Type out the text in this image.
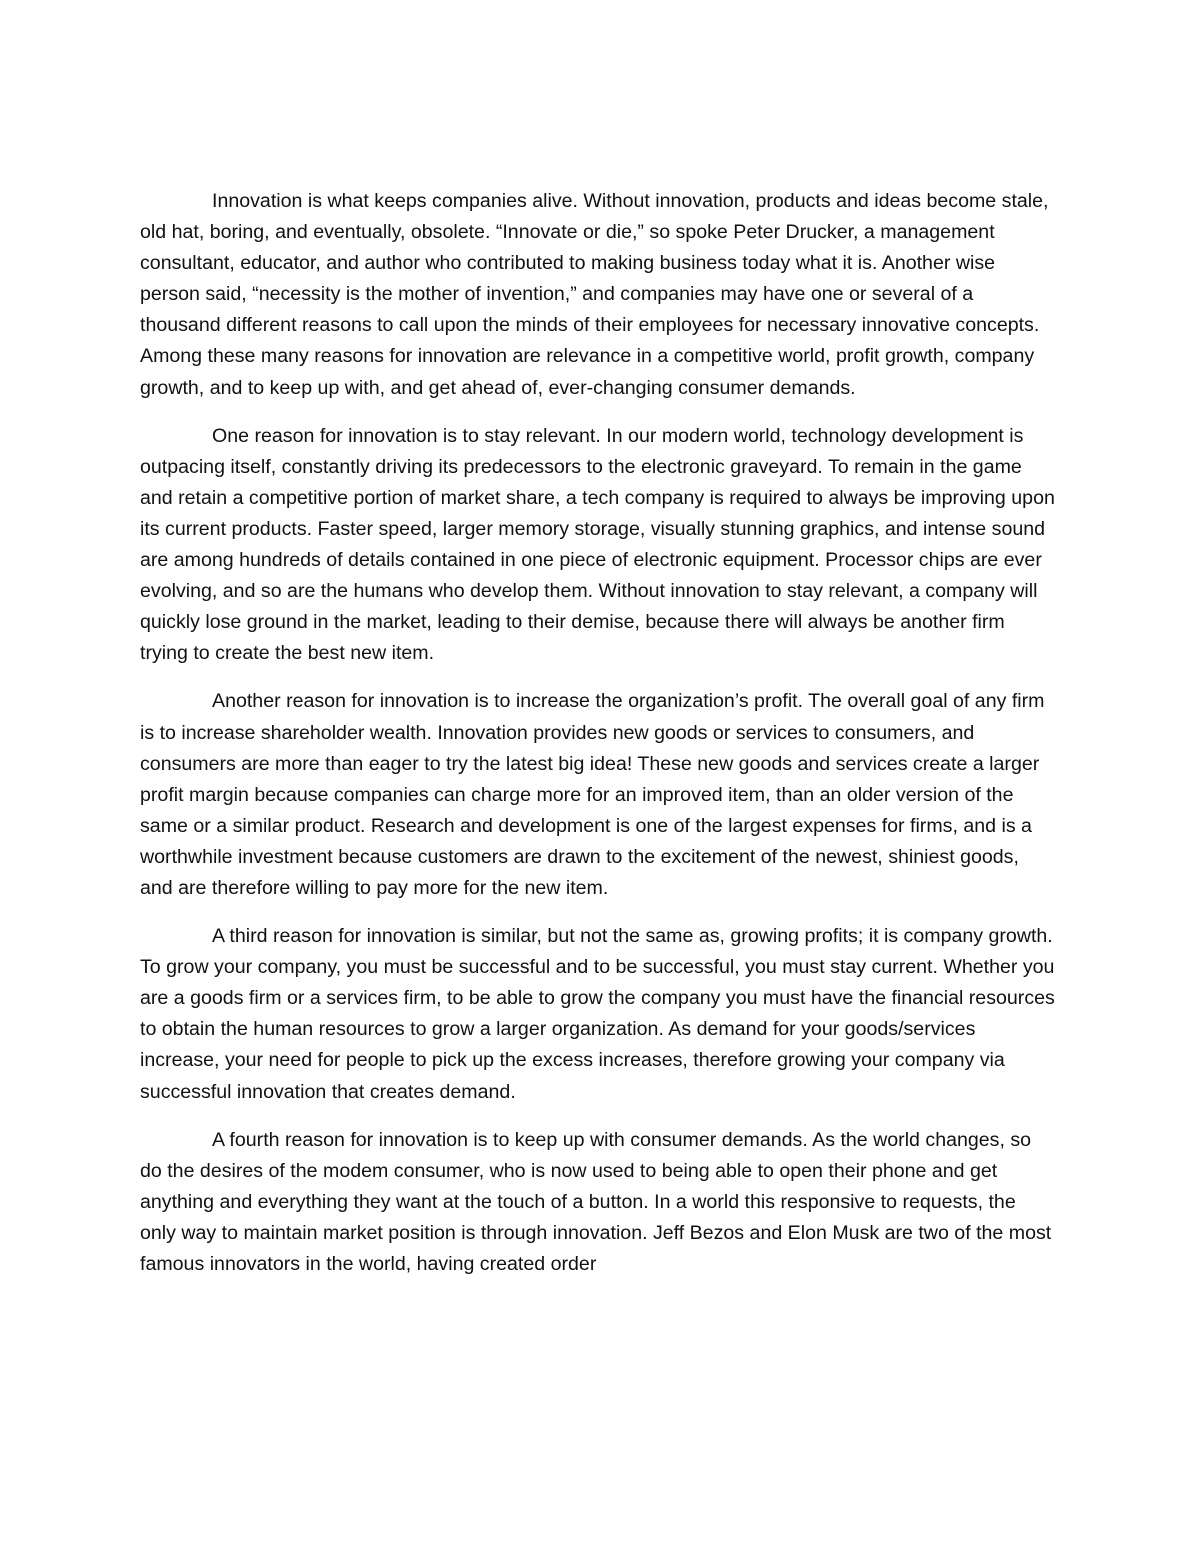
Innovation is what keeps companies alive. Without innovation, products and ideas become stale, old hat, boring, and eventually, obsolete. “Innovate or die,” so spoke Peter Drucker, a management consultant, educator, and author who contributed to making business today what it is. Another wise person said, “necessity is the mother of invention,” and companies may have one or several of a thousand different reasons to call upon the minds of their employees for necessary innovative concepts. Among these many reasons for innovation are relevance in a competitive world, profit growth, company growth, and to keep up with, and get ahead of, ever-changing consumer demands.

One reason for innovation is to stay relevant. In our modern world, technology development is outpacing itself, constantly driving its predecessors to the electronic graveyard. To remain in the game and retain a competitive portion of market share, a tech company is required to always be improving upon its current products. Faster speed, larger memory storage, visually stunning graphics, and intense sound are among hundreds of details contained in one piece of electronic equipment. Processor chips are ever evolving, and so are the humans who develop them. Without innovation to stay relevant, a company will quickly lose ground in the market, leading to their demise, because there will always be another firm trying to create the best new item.

Another reason for innovation is to increase the organization’s profit. The overall goal of any firm is to increase shareholder wealth. Innovation provides new goods or services to consumers, and consumers are more than eager to try the latest big idea! These new goods and services create a larger profit margin because companies can charge more for an improved item, than an older version of the same or a similar product. Research and development is one of the largest expenses for firms, and is a worthwhile investment because customers are drawn to the excitement of the newest, shiniest goods, and are therefore willing to pay more for the new item.

A third reason for innovation is similar, but not the same as, growing profits; it is company growth. To grow your company, you must be successful and to be successful, you must stay current. Whether you are a goods firm or a services firm, to be able to grow the company you must have the financial resources to obtain the human resources to grow a larger organization. As demand for your goods/services increase, your need for people to pick up the excess increases, therefore growing your company via successful innovation that creates demand.

A fourth reason for innovation is to keep up with consumer demands. As the world changes, so do the desires of the modem consumer, who is now used to being able to open their phone and get anything and everything they want at the touch of a button. In a world this responsive to requests, the only way to maintain market position is through innovation. Jeff Bezos and Elon Musk are two of the most famous innovators in the world, having created order
